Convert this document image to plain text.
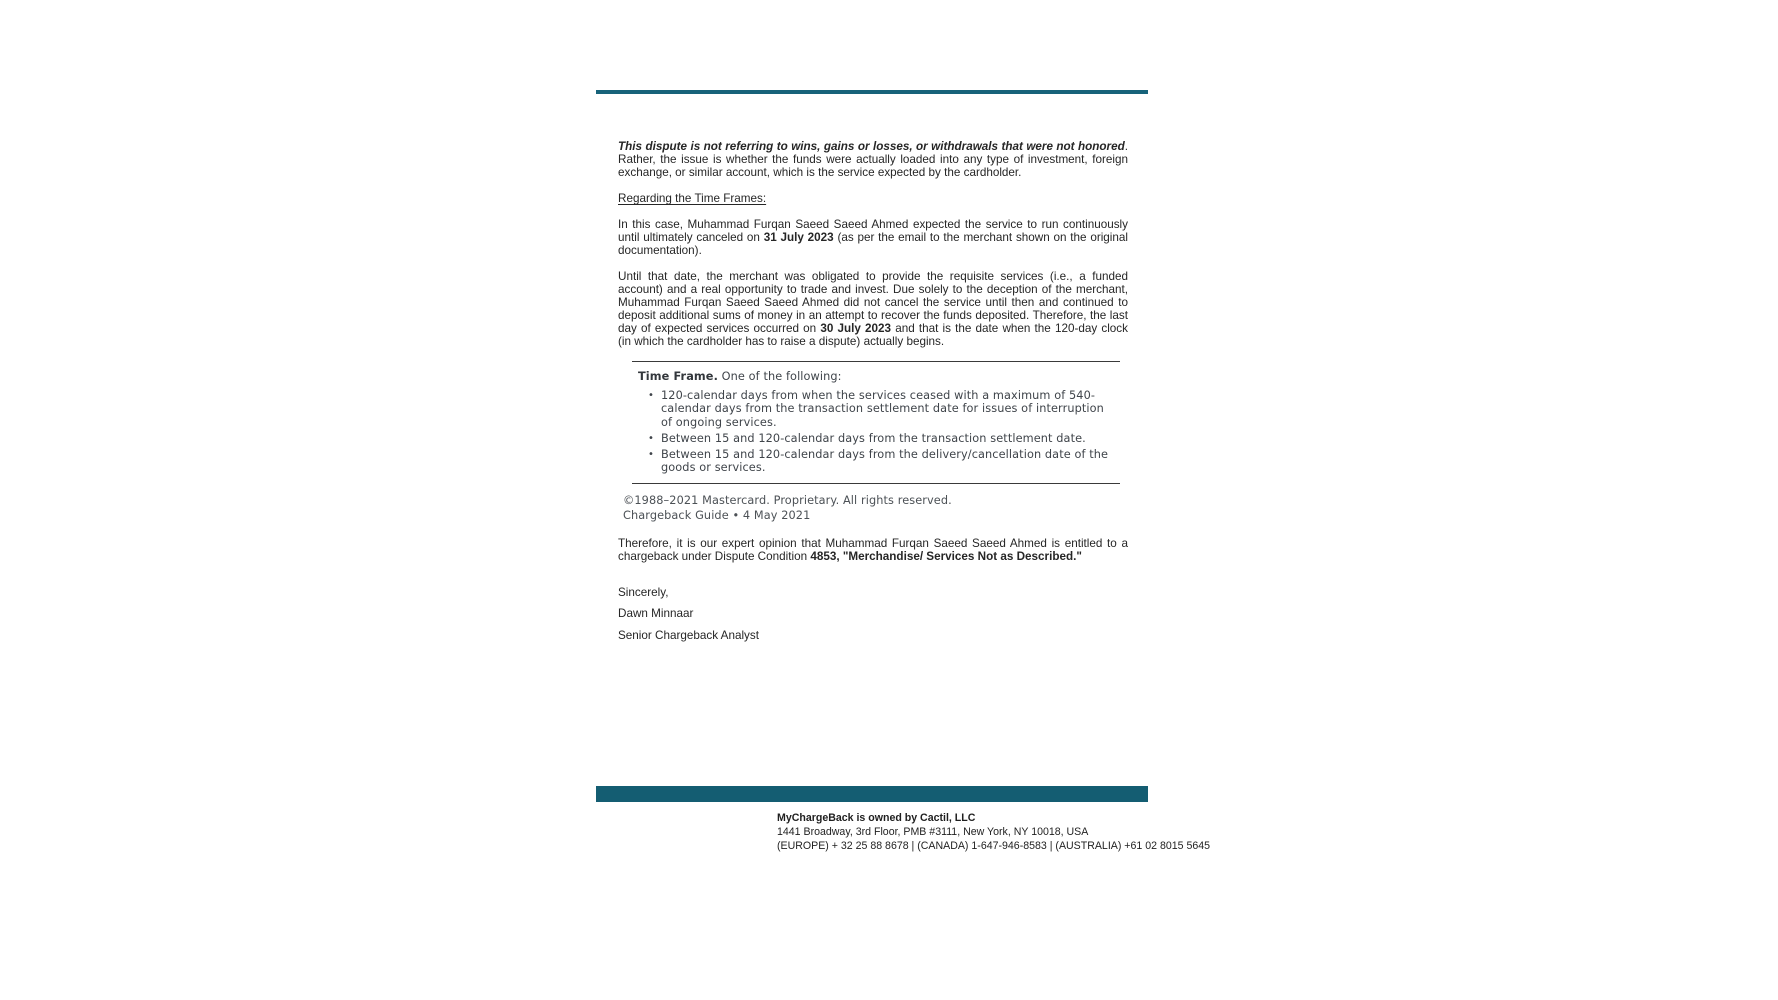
This dispute is not referring to wins, gains or losses, or withdrawals that were not honored. Rather, the issue is whether the funds were actually loaded into any type of investment, foreign exchange, or similar account, which is the service expected by the cardholder.

Regarding the Time Frames:

In this case, Muhammad Furqan Saeed Saeed Ahmed expected the service to run continuously until ultimately canceled on 31 July 2023 (as per the email to the merchant shown on the original documentation).

Until that date, the merchant was obligated to provide the requisite services (i.e., a funded account) and a real opportunity to trade and invest. Due solely to the deception of the merchant, Muhammad Furqan Saeed Saeed Ahmed did not cancel the service until then and continued to deposit additional sums of money in an attempt to recover the funds deposited. Therefore, the last day of expected services occurred on 30 July 2023 and that is the date when the 120-day clock (in which the cardholder has to raise a dispute) actually begins.

Time Frame. One of the following:

• 120-calendar days from when the services ceased with a maximum of 540-calendar days from the transaction settlement date for issues of interruption of ongoing services.
• Between 15 and 120-calendar days from the transaction settlement date.
• Between 15 and 120-calendar days from the delivery/cancellation date of the goods or services.

©1988–2021 Mastercard. Proprietary. All rights reserved.

Chargeback Guide • 4 May 2021

Therefore, it is our expert opinion that Muhammad Furqan Saeed Saeed Ahmed is entitled to a chargeback under Dispute Condition 4853, "Merchandise/ Services Not as Described."

Sincerely,

Dawn Minnaar

Senior Chargeback Analyst

MyChargeBack is owned by Cactil, LLC

1441 Broadway, 3rd Floor, PMB #3111, New York, NY 10018, USA

(EUROPE) + 32 25 88 8678 | (CANADA) 1-647-946-8583 | (AUSTRALIA) +61 02 8015 5645
